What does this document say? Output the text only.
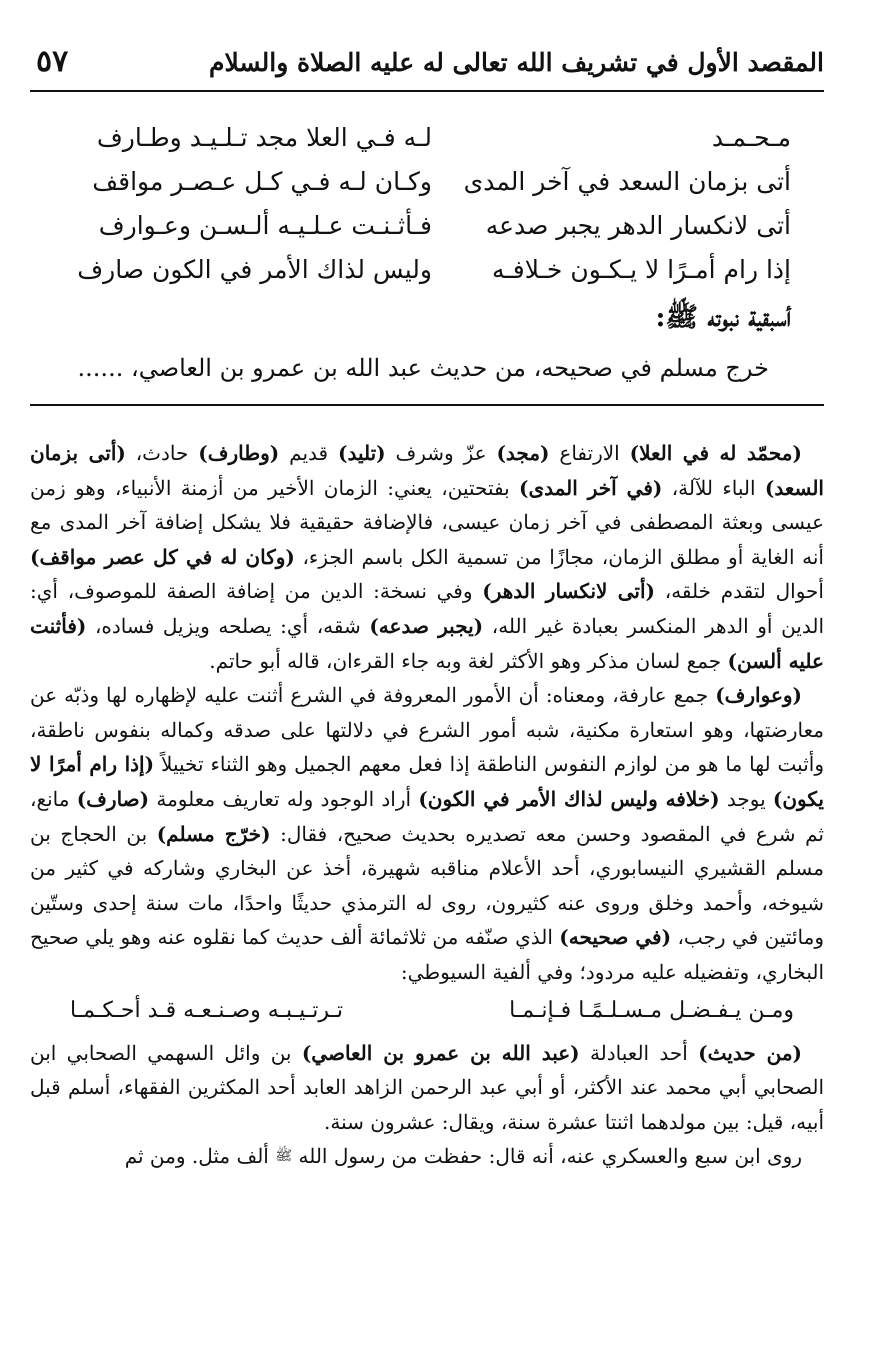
المقصد الأول في تشريف الله تعالى له عليه الصلاة والسلام
٥٧
مـحـمـد
لـه فـي العلا مجد تـلـيـد وطـارف
أتى بزمان السعد في آخر المدى
وكـان لـه فـي كـل عـصـر مواقف
أتى لانكسار الدهر يجبر صدعه
فـأثـنـت عـلـيـه ألـسـن وعـوارف
إذا رام أمـرًا لا يـكـون خـلافـه
وليس لذاك الأمر في الكون صارف
أسبقية نبوته ﷺ:
خرج مسلم في صحيحه، من حديث عبد الله بن عمرو بن العاصي، ......

(محمّد له في العلا) الارتفاع (مجد) عزّ وشرف (تليد) قديم (وطارف) حادث، (أتى بزمان السعد) الباء للآلة، (في آخر المدى) بفتحتين، يعني: الزمان الأخير من أزمنة الأنبياء، وهو زمن عيسى وبعثة المصطفى في آخر زمان عيسى، فالإضافة حقيقية فلا يشكل إضافة آخر المدى مع أنه الغاية أو مطلق الزمان، مجازًا من تسمية الكل باسم الجزء، (وكان له في كل عصر مواقف) أحوال لتقدم خلقه، (أتى لانكسار الدهر) وفي نسخة: الدين من إضافة الصفة للموصوف، أي: الدين أو الدهر المنكسر بعبادة غير الله، (يجبر صدعه) شقه، أي: يصلحه ويزيل فساده، (فأثنت عليه ألسن) جمع لسان مذكر وهو الأكثر لغة وبه جاء القرءان، قاله أبو حاتم.

(وعوارف) جمع عارفة، ومعناه: أن الأمور المعروفة في الشرع أثنت عليه لإظهاره لها وذبّه عن معارضتها، وهو استعارة مكنية، شبه أمور الشرع في دلالتها على صدقه وكماله بنفوس ناطقة، وأثبت لها ما هو من لوازم النفوس الناطقة إذا فعل معهم الجميل وهو الثناء تخييلاً (إذا رام أمرًا لا يكون) يوجد (خلافه وليس لذاك الأمر في الكون) أراد الوجود وله تعاريف معلومة (صارف) مانع، ثم شرع في المقصود وحسن معه تصديره بحديث صحيح، فقال: (خرّج مسلم) بن الحجاج بن مسلم القشيري النيسابوري، أحد الأعلام مناقبه شهيرة، أخذ عن البخاري وشاركه في كثير من شيوخه، وأحمد وخلق وروى عنه كثيرون، روى له الترمذي حديثًا واحدًا، مات سنة إحدى وستّين ومائتين في رجب، (في صحيحه) الذي صنّفه من ثلاثمائة ألف حديث كما نقلوه عنه وهو يلي صحيح البخاري، وتفضيله عليه مردود؛ وفي ألفية السيوطي:

ومـن يـفـضـل مـسـلـمًـا فـإنـمـا
تـرتـيـبـه وصـنـعـه قـد أحـكـمـا

(من حديث) أحد العبادلة (عبد الله بن عمرو بن العاصي) بن وائل السهمي الصحابي ابن الصحابي أبي محمد عند الأكثر، أو أبي عبد الرحمن الزاهد العابد أحد المكثرين الفقهاء، أسلم قبل أبيه، قيل: بين مولدهما اثنتا عشرة سنة، ويقال: عشرون سنة.

روى ابن سبع والعسكري عنه، أنه قال: حفظت من رسول الله ﷺ ألف مثل. ومن ثم
